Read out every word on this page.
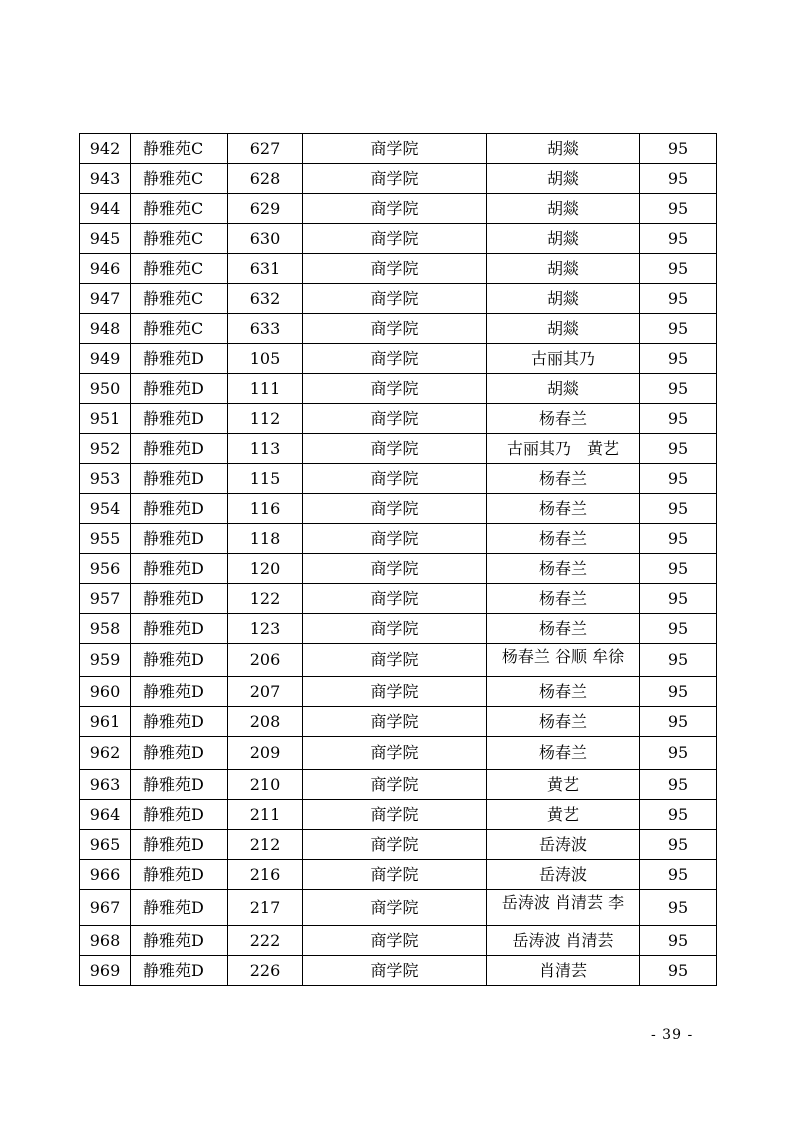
942	静雅苑C	627	商学院	胡燚	95
943	静雅苑C	628	商学院	胡燚	95
944	静雅苑C	629	商学院	胡燚	95
945	静雅苑C	630	商学院	胡燚	95
946	静雅苑C	631	商学院	胡燚	95
947	静雅苑C	632	商学院	胡燚	95
948	静雅苑C	633	商学院	胡燚	95
949	静雅苑D	105	商学院	古丽其乃	95
950	静雅苑D	111	商学院	胡燚	95
951	静雅苑D	112	商学院	杨春兰	95
952	静雅苑D	113	商学院	古丽其乃　黄艺	95
953	静雅苑D	115	商学院	杨春兰	95
954	静雅苑D	116	商学院	杨春兰	95
955	静雅苑D	118	商学院	杨春兰	95
956	静雅苑D	120	商学院	杨春兰	95
957	静雅苑D	122	商学院	杨春兰	95
958	静雅苑D	123	商学院	杨春兰	95
959	静雅苑D	206	商学院	杨春兰 谷顺 牟徐	95
960	静雅苑D	207	商学院	杨春兰	95
961	静雅苑D	208	商学院	杨春兰	95
962	静雅苑D	209	商学院	杨春兰	95
963	静雅苑D	210	商学院	黄艺	95
964	静雅苑D	211	商学院	黄艺	95
965	静雅苑D	212	商学院	岳涛波	95
966	静雅苑D	216	商学院	岳涛波	95
967	静雅苑D	217	商学院	岳涛波 肖清芸 李	95
968	静雅苑D	222	商学院	岳涛波 肖清芸	95
969	静雅苑D	226	商学院	肖清芸	95
- 39 -
